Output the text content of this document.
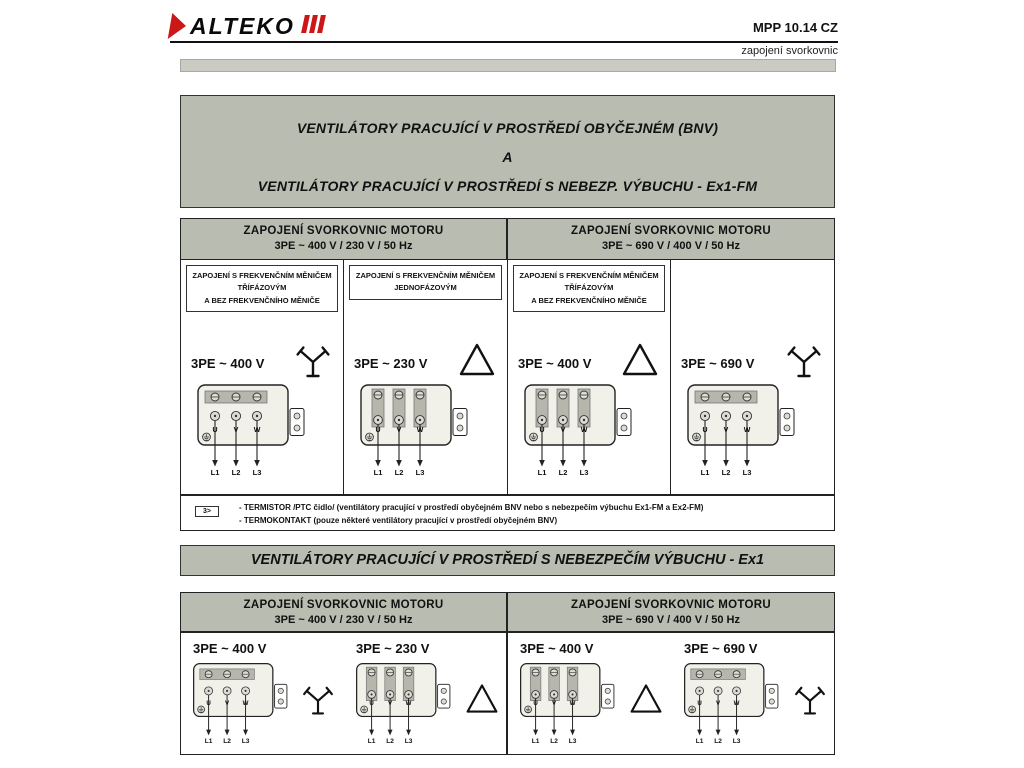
ALTEKO	MPP 10.14 CZ
zapojení svorkovnic
VENTILÁTORY PRACUJÍCÍ V PROSTŘEDÍ OBYČEJNÉM (BNV)
A
VENTILÁTORY PRACUJÍCÍ V PROSTŘEDÍ S NEBEZP. VÝBUCHU - Ex1-FM
ZAPOJENÍ SVORKOVNIC MOTORU
3PE ~ 400 V / 230 V / 50 Hz
ZAPOJENÍ SVORKOVNIC MOTORU
3PE ~ 690 V / 400 V / 50 Hz
ZAPOJENÍ S FREKVENČNÍM MĚNIČEM
TŘÍFÁZOVÝM
A BEZ FREKVENČNÍHO MĚNIČE
3PE ~ 400 V
U	V	W
L1	L2	L3
ZAPOJENÍ S FREKVENČNÍM MĚNIČEM
JEDNOFÁZOVÝM
3PE ~ 230 V
U	V	W
L1	L2	L3
ZAPOJENÍ S FREKVENČNÍM MĚNIČEM
TŘÍFÁZOVÝM
A BEZ FREKVENČNÍHO MĚNIČE
3PE ~ 400 V
U	V	W
L1	L2	L3
3PE ~ 690 V
U	V	W
L1	L2	L3
3>	- TERMISTOR /PTC čidlo/ (ventilátory pracující v prostředí obyčejném BNV nebo s nebezpečím výbuchu Ex1-FM a Ex2-FM)
- TERMOKONTAKT (pouze některé ventilátory pracující v prostředí obyčejném BNV)
VENTILÁTORY PRACUJÍCÍ V PROSTŘEDÍ S NEBEZPEČÍM VÝBUCHU - Ex1
ZAPOJENÍ SVORKOVNIC MOTORU
3PE ~ 400 V / 230 V / 50 Hz
ZAPOJENÍ SVORKOVNIC MOTORU
3PE ~ 690 V / 400 V / 50 Hz
3PE ~ 400 V
U	V	W
L1	L2	L3
3PE ~ 230 V
U	V	W
L1	L2	L3
3PE ~ 400 V
U	V	W
L1	L2	L3
3PE ~ 690 V
U	V	W
L1	L2	L3
